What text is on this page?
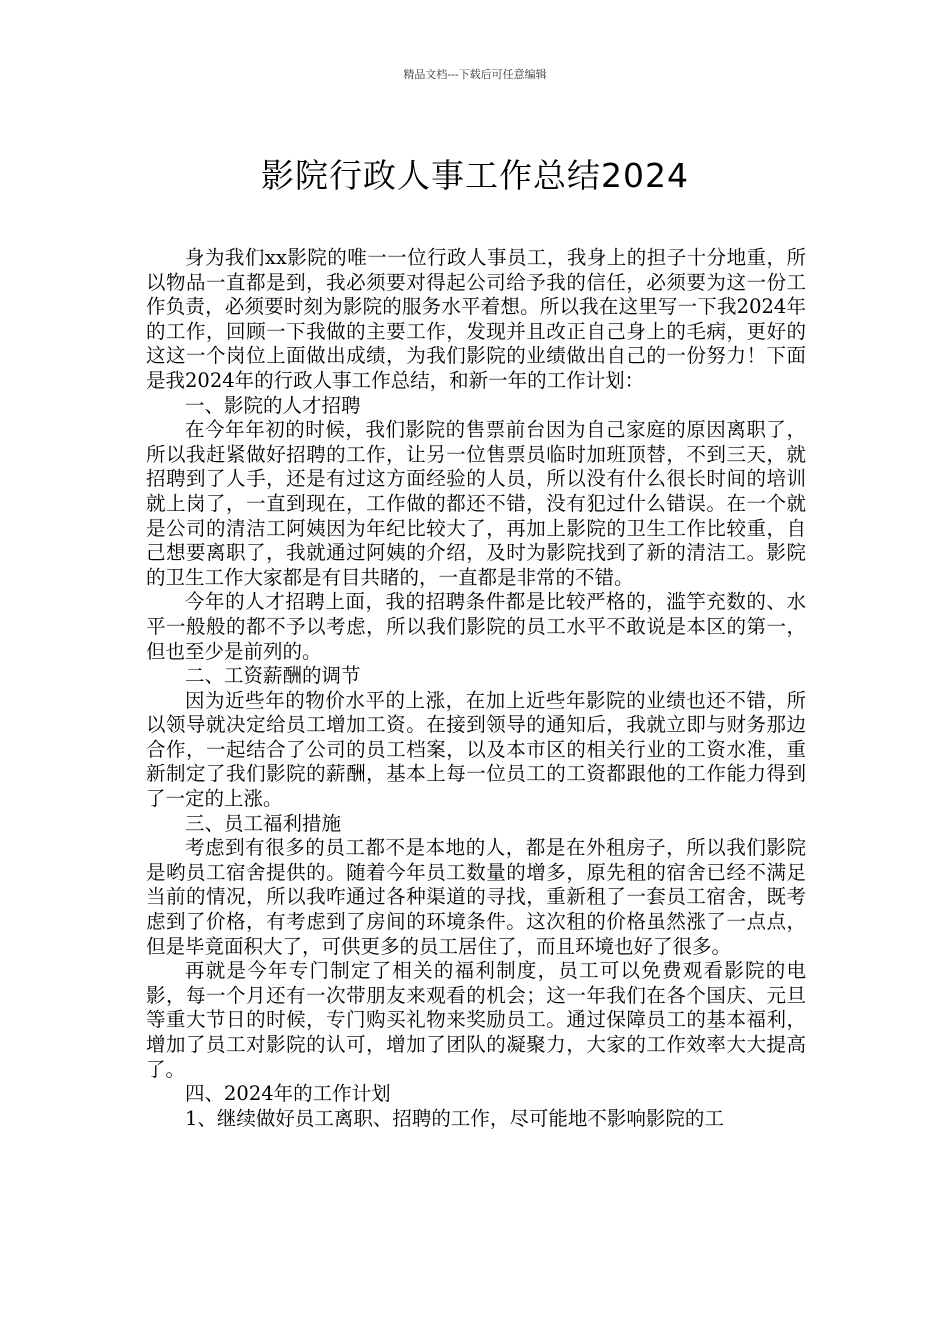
精品文档---下载后可任意编辑
影院行政人事工作总结2024

身为我们xx影院的唯一一位行政人事员工，我身上的担子十分地重，所以物品一直都是到，我必须要对得起公司给予我的信任，必须要为这一份工作负责，必须要时刻为影院的服务水平着想。所以我在这里写一下我2024年的工作，回顾一下我做的主要工作，发现并且改正自己身上的毛病，更好的这这一个岗位上面做出成绩，为我们影院的业绩做出自己的一份努力！下面是我2024年的行政人事工作总结，和新一年的工作计划：

一、影院的人才招聘

在今年年初的时候，我们影院的售票前台因为自己家庭的原因离职了，所以我赶紧做好招聘的工作，让另一位售票员临时加班顶替，不到三天，就招聘到了人手，还是有过这方面经验的人员，所以没有什么很长时间的培训就上岗了，一直到现在，工作做的都还不错，没有犯过什么错误。在一个就是公司的清洁工阿姨因为年纪比较大了，再加上影院的卫生工作比较重，自己想要离职了，我就通过阿姨的介绍，及时为影院找到了新的清洁工。影院的卫生工作大家都是有目共睹的，一直都是非常的不错。

今年的人才招聘上面，我的招聘条件都是比较严格的，滥竽充数的、水平一般般的都不予以考虑，所以我们影院的员工水平不敢说是本区的第一，但也至少是前列的。

二、工资薪酬的调节

因为近些年的物价水平的上涨，在加上近些年影院的业绩也还不错，所以领导就决定给员工增加工资。在接到领导的通知后，我就立即与财务那边合作，一起结合了公司的员工档案，以及本市区的相关行业的工资水准，重新制定了我们影院的薪酬，基本上每一位员工的工资都跟他的工作能力得到了一定的上涨。

三、员工福利措施

考虑到有很多的员工都不是本地的人，都是在外租房子，所以我们影院是哟员工宿舍提供的。随着今年员工数量的增多，原先租的宿舍已经不满足当前的情况，所以我咋通过各种渠道的寻找，重新租了一套员工宿舍，既考虑到了价格，有考虑到了房间的环境条件。这次租的价格虽然涨了一点点，但是毕竟面积大了，可供更多的员工居住了，而且环境也好了很多。

再就是今年专门制定了相关的福利制度，员工可以免费观看影院的电影，每一个月还有一次带朋友来观看的机会；这一年我们在各个国庆、元旦等重大节日的时候，专门购买礼物来奖励员工。通过保障员工的基本福利，增加了员工对影院的认可，增加了团队的凝聚力，大家的工作效率大大提高了。

四、2024年的工作计划

1、继续做好员工离职、招聘的工作，尽可能地不影响影院的工
